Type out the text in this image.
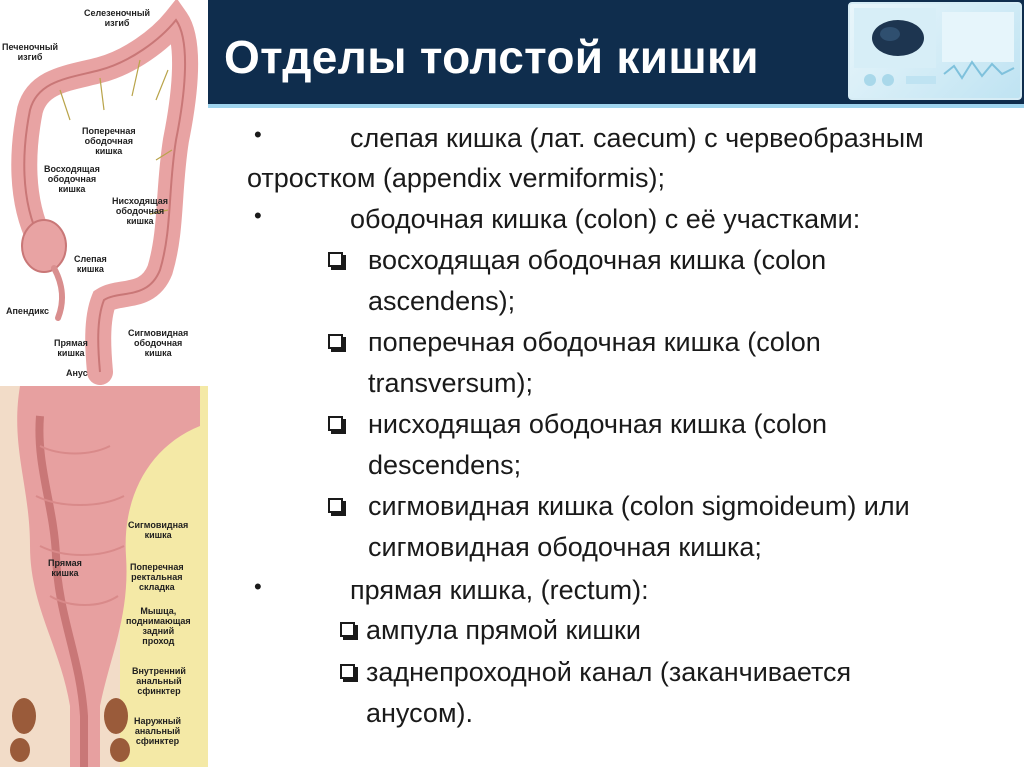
Отделы толстой кишки
Селезеночный
изгиб
Печеночный
изгиб
Поперечная
ободочная
кишка
Восходящая
ободочная
кишка
Нисходящая
ободочная
кишка
Слепая
кишка
Апендикс
Прямая
кишка
Сигмовидная
ободочная
кишка
Анус
Сигмовидная
кишка
Прямая
кишка
Поперечная
ректальная
складка
Мышца,
поднимающая
задний
проход
Внутренний
анальный
сфинктер
Наружный
анальный
сфинктер
•	слепая кишка (лат. caecum) с червеобразным
отростком (appendix vermiformis);
•	ободочная кишка (colon) с её участками:
восходящая ободочная кишка (colon
ascendens);
поперечная ободочная кишка (colon
transversum);
нисходящая ободочная кишка (colon
descendens;
сигмовидная кишка (colon sigmoideum) или
сигмовидная ободочная кишка;
•	прямая кишка, (rectum):
ампула прямой кишки
заднепроходной канал (заканчивается
анусом).
